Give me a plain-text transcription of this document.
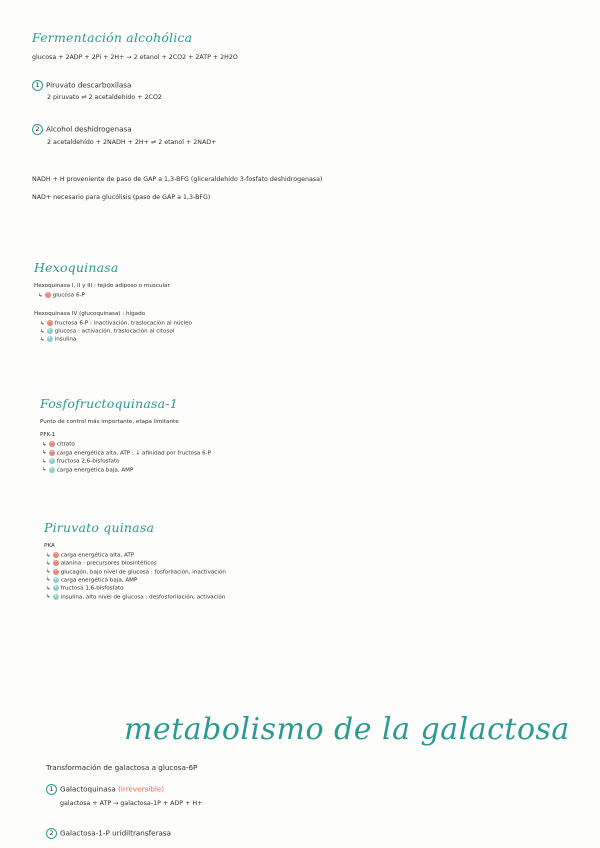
Fermentación alcohólica
glucosa + 2ADP + 2Pi + 2H+ → 2 etanol + 2CO2 + 2ATP + 2H2O
1 Piruvato descarboxilasa
2 piruvato ⇌ 2 acetaldehído + 2CO2
2 Alcohol deshidrogenasa
2 acetaldehído + 2NADH + 2H+ ⇌ 2 etanol + 2NAD+
NADH + H proveniente de paso de GAP a 1,3-BFG (gliceraldehído 3-fosfato deshidrogenasa)
NAD+ necesario para glucólisis (paso de GAP a 1,3-BFG)
Hexoquinasa
Hexoquinasa I, II y III : tejido adiposo o muscular
↳ − glucosa 6-P
Hexoquinasa IV (glucoquinasa) : hígado
↳ − fructosa 6-P : inactivación, traslocación al núcleo
↳ + glucosa : activación, traslocación al citosol
↳ + insulina
Fosfofructoquinasa-1
Punto de control más importante, etapa limitante
PFK-1
↳ − citrato
↳ − carga energética alta, ATP : ↓ afinidad por fructosa 6-P
↳ + fructosa 2,6-bisfosfato
↳ + carga energética baja, AMP
Piruvato quinasa
PKA
↳ − carga energética alta, ATP
↳ − alanina : precursores biosintéticos
↳ − glucagón, bajo nivel de glucosa : fosforilación, inactivación
↳ + carga energética baja, AMP
↳ + fructosa 1,6-bisfosfato
↳ + insulina, alto nivel de glucosa : desfosforilación, activación
metabolismo de la galactosa
Transformación de galactosa a glucosa-6P
1 Galactoquinasa (irreversible)
galactosa + ATP → galactosa-1P + ADP + H+
2 Galactosa-1-P uridiltransferasa
